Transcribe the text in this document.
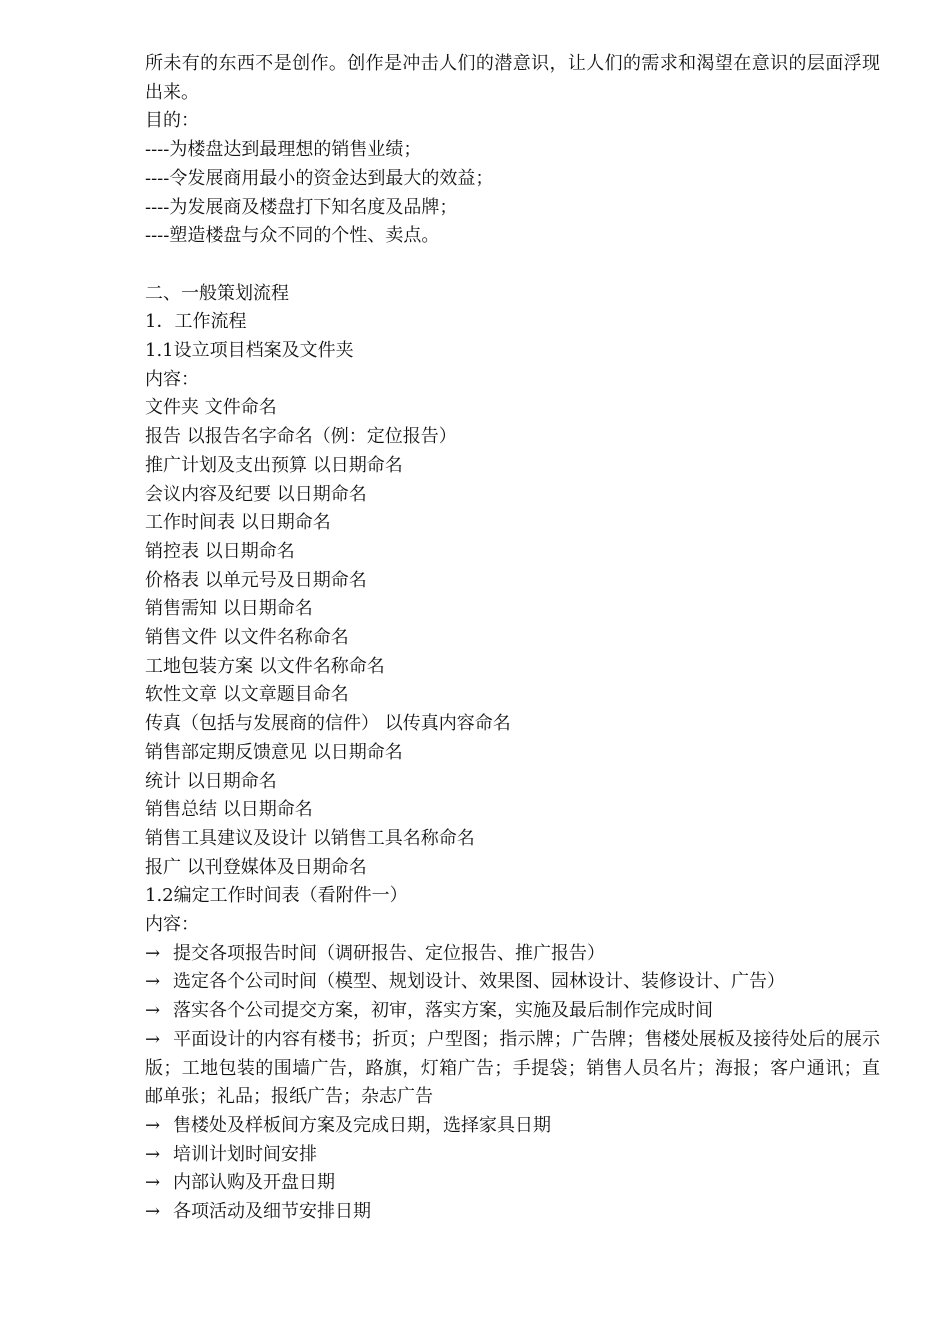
所未有的东西不是创作。创作是冲击人们的潜意识，让人们的需求和渴望在意识的层面浮现出来。
目的：
----为楼盘达到最理想的销售业绩；
----令发展商用最小的资金达到最大的效益；
----为发展商及楼盘打下知名度及品牌；
----塑造楼盘与众不同的个性、卖点。
二、一般策划流程
1．工作流程
1.1设立项目档案及文件夹
内容：
文件夹 文件命名
报告 以报告名字命名（例：定位报告）
推广计划及支出预算 以日期命名
会议内容及纪要 以日期命名
工作时间表 以日期命名
销控表 以日期命名
价格表 以单元号及日期命名
销售需知 以日期命名
销售文件 以文件名称命名
工地包装方案 以文件名称命名
软性文章 以文章题目命名
传真（包括与发展商的信件） 以传真内容命名
销售部定期反馈意见 以日期命名
统计 以日期命名
销售总结 以日期命名
销售工具建议及设计 以销售工具名称命名
报广 以刊登媒体及日期命名
1.2编定工作时间表（看附件一）
内容：
→ 提交各项报告时间（调研报告、定位报告、推广报告）
→ 选定各个公司时间（模型、规划设计、效果图、园林设计、装修设计、广告）
→ 落实各个公司提交方案，初审，落实方案，实施及最后制作完成时间
→ 平面设计的内容有楼书；折页；户型图；指示牌；广告牌；售楼处展板及接待处后的展示版；工地包装的围墙广告，路旗，灯箱广告；手提袋；销售人员名片；海报；客户通讯；直邮单张；礼品；报纸广告；杂志广告
→ 售楼处及样板间方案及完成日期，选择家具日期
→ 培训计划时间安排
→ 内部认购及开盘日期
→ 各项活动及细节安排日期
